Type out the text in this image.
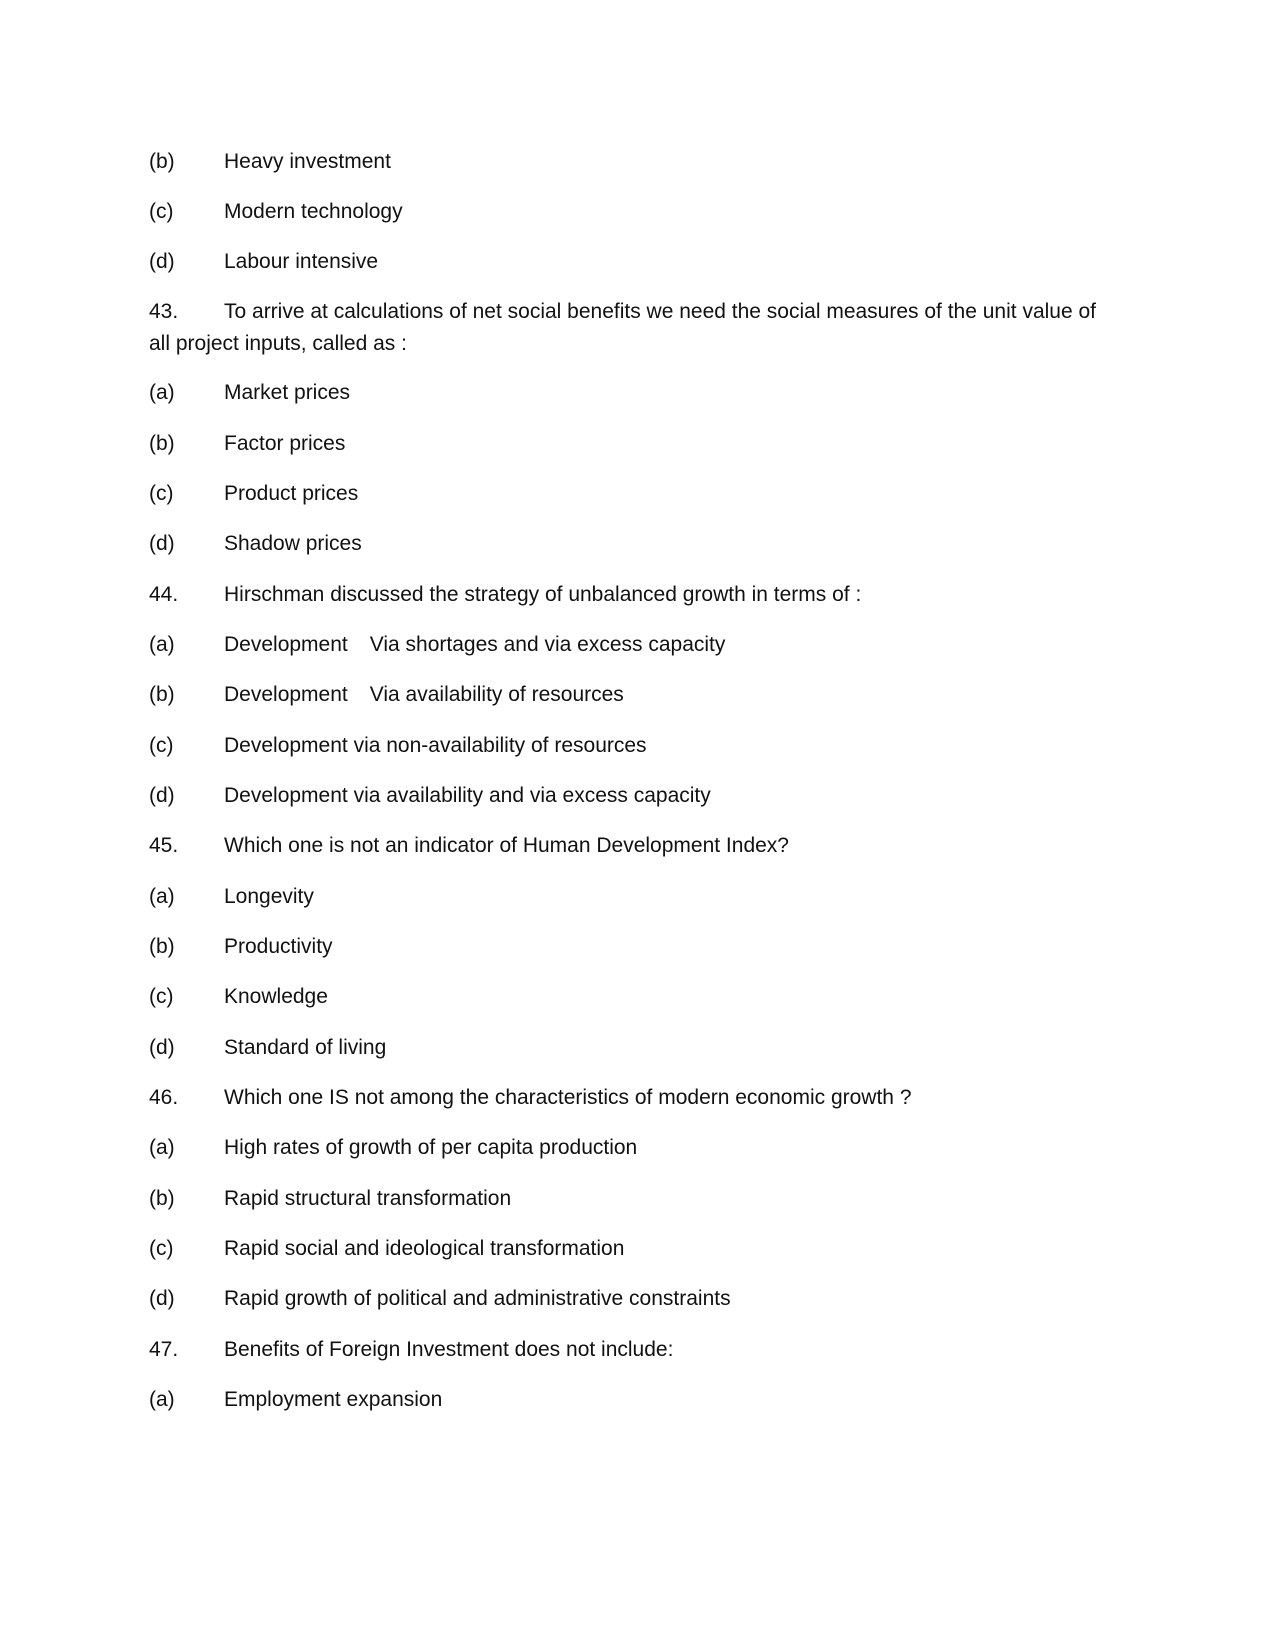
(b) Heavy investment
(c) Modern technology
(d) Labour intensive
43. To arrive at calculations of net social benefits we need the social measures of the unit value of
all project inputs, called as :
(a) Market prices
(b) Factor prices
(c) Product prices
(d) Shadow prices
44. Hirschman discussed the strategy of unbalanced growth in terms of :
(a) Development Via shortages and via excess capacity
(b) Development Via availability of resources
(c) Development via non-availability of resources
(d) Development via availability and via excess capacity
45. Which one is not an indicator of Human Development Index?
(a) Longevity
(b) Productivity
(c) Knowledge
(d) Standard of living
46. Which one IS not among the characteristics of modern economic growth ?
(a) High rates of growth of per capita production
(b) Rapid structural transformation
(c) Rapid social and ideological transformation
(d) Rapid growth of political and administrative constraints
47. Benefits of Foreign Investment does not include:
(a) Employment expansion
